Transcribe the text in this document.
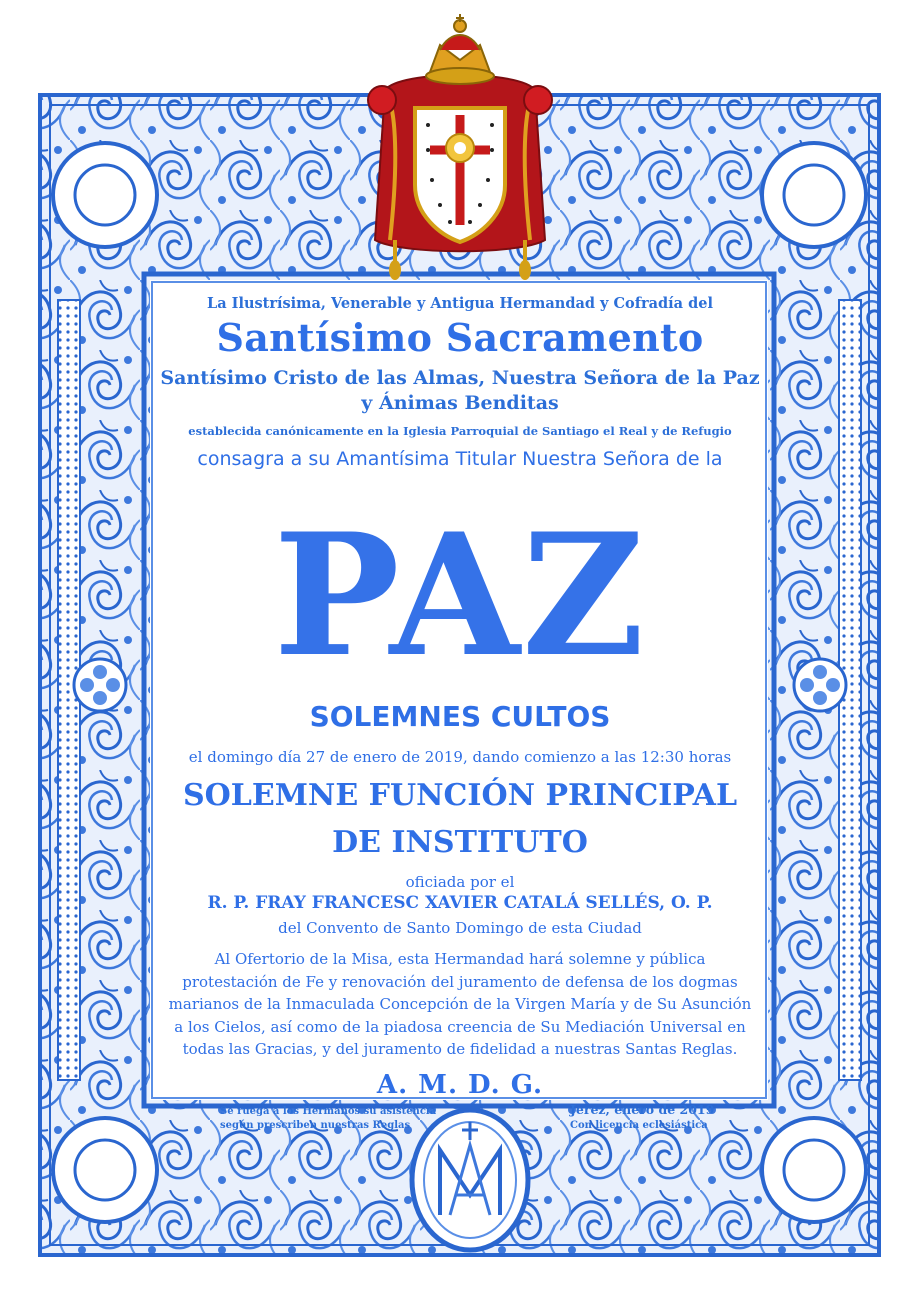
La Ilustrísima, Venerable y Antigua Hermandad y Cofradía del
Santísimo Sacramento
Santísimo Cristo de las Almas, Nuestra Señora de la Paz
y Ánimas Benditas
establecida canónicamente en la Iglesia Parroquial de Santiago el Real y de Refugio
consagra a su Amantísima Titular Nuestra Señora de la
PAZ
SOLEMNES CULTOS
el domingo día 27 de enero de 2019, dando comienzo a las 12:30 horas
SOLEMNE FUNCIÓN PRINCIPAL
DE INSTITUTO
oficiada por el
R. P. FRAY FRANCESC XAVIER CATALÁ SELLÉS, O. P.
del Convento de Santo Domingo de esta Ciudad
Al Ofertorio de la Misa, esta Hermandad hará solemne y pública
protestación de Fe y renovación del juramento de defensa de los dogmas
marianos de la Inmaculada Concepción de la Virgen María y de Su Asunción
a los Cielos, así como de la piadosa creencia de Su Mediación Universal en
todas las Gracias, y del juramento de fidelidad a nuestras Santas Reglas.
A. M. D. G.
Se ruega a los Hermanos su asistencia
según prescriben nuestras Reglas
Jerez, enero de 2019
Con licencia eclesiástica
